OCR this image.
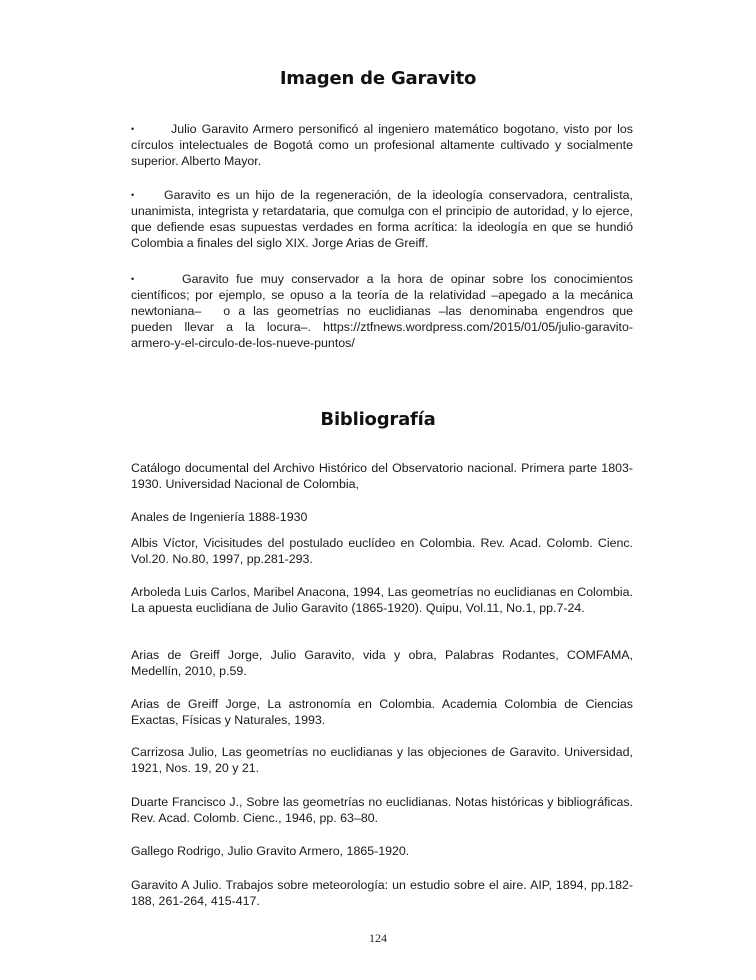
Imagen de Garavito

•	Julio Garavito Armero personificó al ingeniero matemático bogotano, visto por los círculos intelectuales de Bogotá como un profesional altamente cultivado y socialmente superior. Alberto Mayor.

• Garavito es un hijo de la regeneración, de la ideología conservadora, centralista, unanimista, integrista y retardataria, que comulga con el principio de autoridad, y lo ejerce, que defiende esas supuestas verdades en forma acrítica: la ideología en que se hundió Colombia a finales del siglo XIX. Jorge Arias de Greiff.

•	Garavito fue muy conservador a la hora de opinar sobre los conocimientos científicos; por ejemplo, se opuso a la teoría de la relatividad –apegado a la mecánica newtoniana– o a las geometrías no euclidianas –las denominaba engendros que pueden llevar a la locura–. https://ztfnews.wordpress.com/2015/01/05/julio-garavito-armero-y-el-circulo-de-los-nueve-puntos/

Bibliografía

Catálogo documental del Archivo Histórico del Observatorio nacional. Primera parte 1803-1930. Universidad Nacional de Colombia,

Anales de Ingeniería 1888-1930

Albis Víctor, Vicisitudes del postulado euclídeo en Colombia. Rev. Acad. Colomb. Cienc. Vol.20. No.80, 1997, pp.281-293.

Arboleda Luis Carlos, Maribel Anacona, 1994, Las geometrías no euclidianas en Colombia. La apuesta euclidiana de Julio Garavito (1865-1920). Quipu, Vol.11, No.1, pp.7-24.

Arias de Greiff Jorge, Julio Garavito, vida y obra, Palabras Rodantes, COMFAMA, Medellín, 2010, p.59.

Arias de Greiff Jorge, La astronomía en Colombia. Academia Colombia de Ciencias Exactas, Físicas y Naturales, 1993.

Carrizosa Julio, Las geometrías no euclidianas y las objeciones de Garavito. Universidad, 1921, Nos. 19, 20 y 21.

Duarte Francisco J., Sobre las geometrías no euclidianas. Notas históricas y bibliográficas. Rev. Acad. Colomb. Cienc., 1946, pp. 63–80.

Gallego Rodrigo, Julio Gravito Armero, 1865-1920.

Garavito A Julio. Trabajos sobre meteorología: un estudio sobre el aire. AIP, 1894, pp.182-188, 261-264, 415-417.

124
